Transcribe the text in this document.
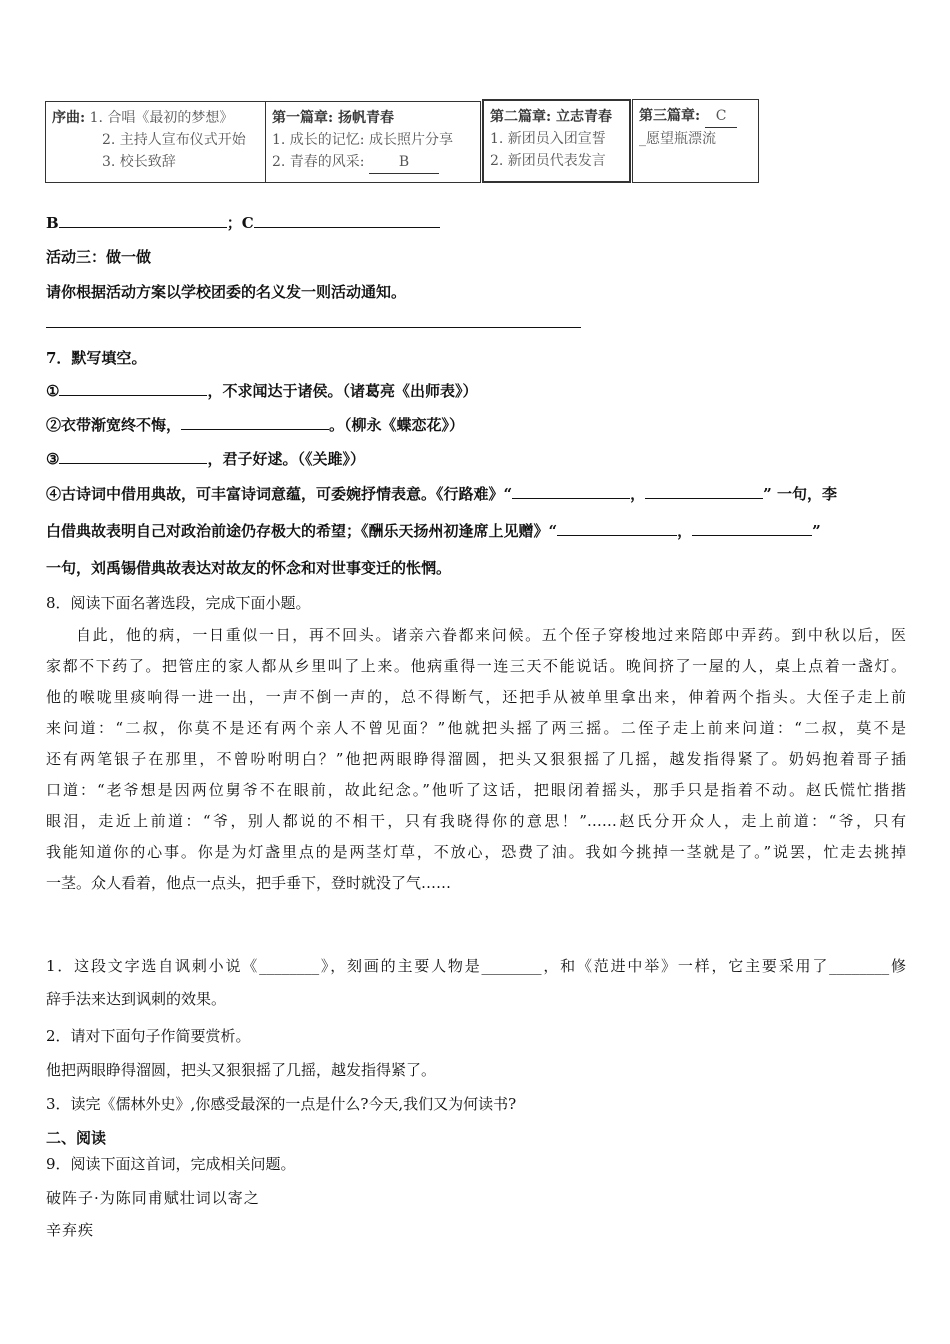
序曲: 1. 合唱《最初的梦想》
2. 主持人宣布仪式开始
3. 校长致辞
第一篇章: 扬帆青春
1. 成长的记忆: 成长照片分享
2. 青春的风采: B
第二篇章: 立志青春
1. 新团员入团宣誓
2. 新团员代表发言
第三篇章: C
_愿望瓶漂流
B	；C
活动三：做一做
请你根据活动方案以学校团委的名义发一则活动通知。
7．默写填空。
①	，不求闻达于诸侯。（诸葛亮《出师表》）
②衣带渐宽终不悔，	。（柳永《蝶恋花》）
③	，君子好逑。（《关雎》）
④古诗词中借用典故，可丰富诗词意蕴，可委婉抒情表意。《行路难》“	，	” 一句，李
白借典故表明自己对政治前途仍存极大的希望；《酬乐天扬州初逢席上见赠》“	，	”
一句，刘禹锡借典故表达对故友的怀念和对世事变迁的怅惘。
8．阅读下面名著选段，完成下面小题。
自此，他的病，一日重似一日，再不回头。诸亲六眷都来问候。五个侄子穿梭地过来陪郎中弄药。到中秋以后，医
家都不下药了。把管庄的家人都从乡里叫了上来。他病重得一连三天不能说话。晚间挤了一屋的人，桌上点着一盏灯。
他的喉咙里痰响得一进一出，一声不倒一声的，总不得断气，还把手从被单里拿出来，伸着两个指头。大侄子走上前
来问道：“二叔，你莫不是还有两个亲人不曾见面？”他就把头摇了两三摇。二侄子走上前来问道：“二叔，莫不是
还有两笔银子在那里，不曾吩咐明白？”他把两眼睁得溜圆，把头又狠狠摇了几摇，越发指得紧了。奶妈抱着哥子插
口道：“老爷想是因两位舅爷不在眼前，故此纪念。”他听了这话，把眼闭着摇头，那手只是指着不动。赵氏慌忙揩揩
眼泪，走近上前道：“爷，别人都说的不相干，只有我晓得你的意思！”……赵氏分开众人，走上前道：“爷，只有
我能知道你的心事。你是为灯盏里点的是两茎灯草，不放心，恐费了油。我如今挑掉一茎就是了。”说罢，忙走去挑掉
一茎。众人看着，他点一点头，把手垂下，登时就没了气……
1．这段文字选自讽刺小说《________》，刻画的主要人物是________，和《范进中举》一样，它主要采用了________修
辞手法来达到讽刺的效果。
2．请对下面句子作简要赏析。
他把两眼睁得溜圆，把头又狠狠摇了几摇，越发指得紧了。
3．读完《儒林外史》,你感受最深的一点是什么?今天,我们又为何读书?
二、阅读
9．阅读下面这首词，完成相关问题。
破阵子·为陈同甫赋壮词以寄之
辛弃疾
